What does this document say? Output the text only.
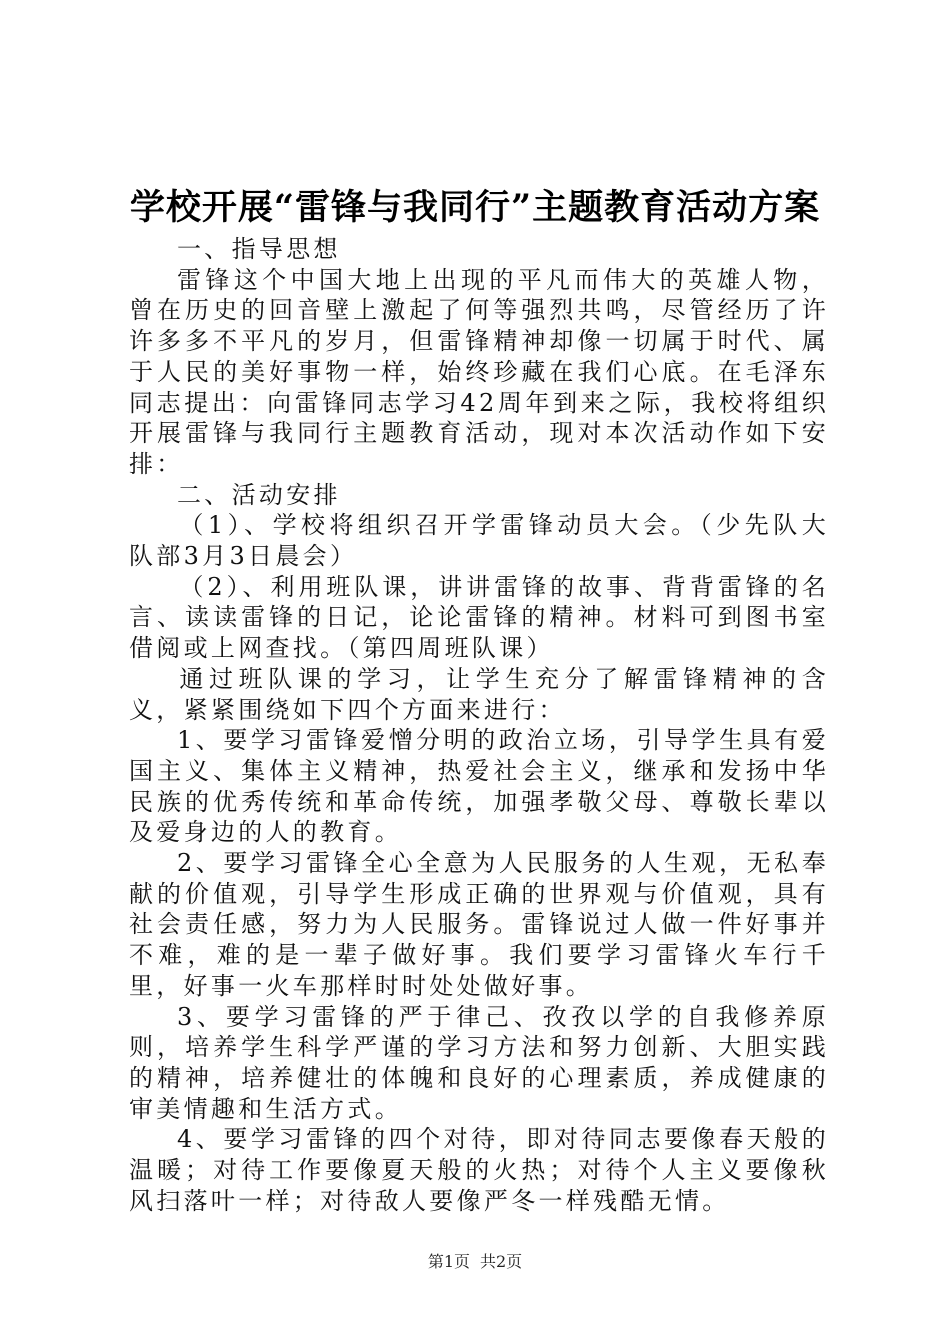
学校开展“雷锋与我同行”主题教育活动方案

一、指导思想

雷锋这个中国大地上出现的平凡而伟大的英雄人物，曾在历史的回音壁上激起了何等强烈共鸣，尽管经历了许许多多不平凡的岁月，但雷锋精神却像一切属于时代、属于人民的美好事物一样，始终珍藏在我们心底。在毛泽东同志提出：向雷锋同志学习42周年到来之际，我校将组织开展雷锋与我同行主题教育活动，现对本次活动作如下安排：

二、活动安排

（1）、学校将组织召开学雷锋动员大会。（少先队大队部3月3日晨会）

（2）、利用班队课，讲讲雷锋的故事、背背雷锋的名言、读读雷锋的日记，论论雷锋的精神。材料可到图书室借阅或上网查找。（第四周班队课）

通过班队课的学习，让学生充分了解雷锋精神的含义，紧紧围绕如下四个方面来进行：

1、要学习雷锋爱憎分明的政治立场，引导学生具有爱国主义、集体主义精神，热爱社会主义，继承和发扬中华民族的优秀传统和革命传统，加强孝敬父母、尊敬长辈以及爱身边的人的教育。

2、要学习雷锋全心全意为人民服务的人生观，无私奉献的价值观，引导学生形成正确的世界观与价值观，具有社会责任感，努力为人民服务。雷锋说过人做一件好事并不难，难的是一辈子做好事。我们要学习雷锋火车行千里，好事一火车那样时时处处做好事。

3、要学习雷锋的严于律己、孜孜以学的自我修养原则，培养学生科学严谨的学习方法和努力创新、大胆实践的精神，培养健壮的体魄和良好的心理素质，养成健康的审美情趣和生活方式。

4、要学习雷锋的四个对待，即对待同志要像春天般的温暖；对待工作要像夏天般的火热；对待个人主义要像秋风扫落叶一样；对待敌人要像严冬一样残酷无情。

第1页 共2页
